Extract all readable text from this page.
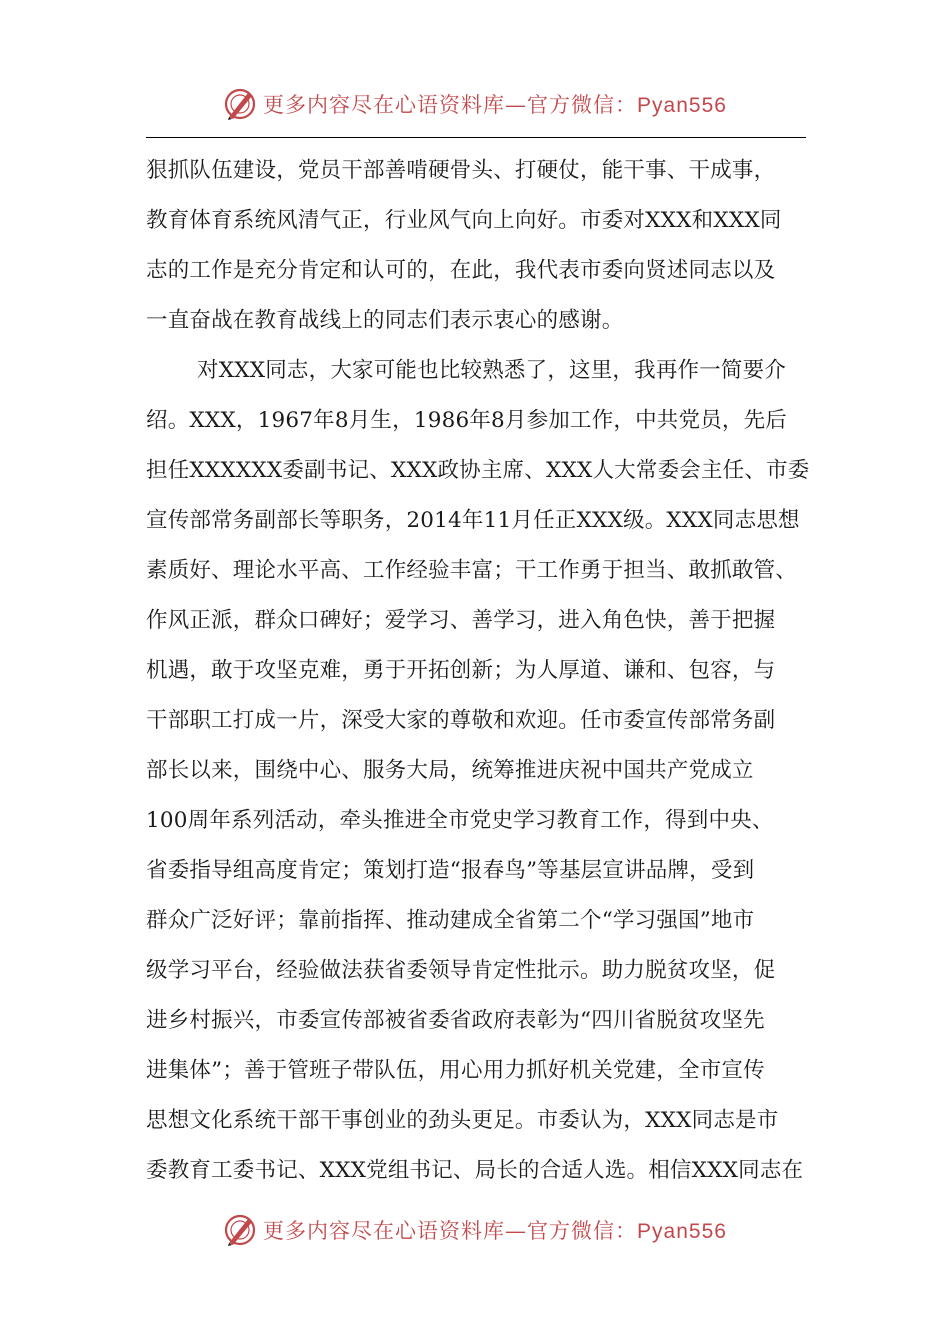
更多内容尽在心语资料库—官方微信：Pyan556
狠抓队伍建设，党员干部善啃硬骨头、打硬仗，能干事、干成事，
教育体育系统风清气正，行业风气向上向好。市委对XXX和XXX同
志的工作是充分肯定和认可的，在此，我代表市委向贤述同志以及
一直奋战在教育战线上的同志们表示衷心的感谢。
对XXX同志，大家可能也比较熟悉了，这里，我再作一简要介
绍。XXX，1967年8月生，1986年8月参加工作，中共党员，先后
担任XXXXXX委副书记、XXX政协主席、XXX人大常委会主任、市委
宣传部常务副部长等职务，2014年11月任正XXX级。XXX同志思想
素质好、理论水平高、工作经验丰富；干工作勇于担当、敢抓敢管、
作风正派，群众口碑好；爱学习、善学习，进入角色快，善于把握
机遇，敢于攻坚克难，勇于开拓创新；为人厚道、谦和、包容，与
干部职工打成一片，深受大家的尊敬和欢迎。任市委宣传部常务副
部长以来，围绕中心、服务大局，统筹推进庆祝中国共产党成立
100周年系列活动，牵头推进全市党史学习教育工作，得到中央、
省委指导组高度肯定；策划打造“报春鸟”等基层宣讲品牌，受到
群众广泛好评；靠前指挥、推动建成全省第二个“学习强国”地市
级学习平台，经验做法获省委领导肯定性批示。助力脱贫攻坚，促
进乡村振兴，市委宣传部被省委省政府表彰为“四川省脱贫攻坚先
进集体”；善于管班子带队伍，用心用力抓好机关党建，全市宣传
思想文化系统干部干事创业的劲头更足。市委认为，XXX同志是市
委教育工委书记、XXX党组书记、局长的合适人选。相信XXX同志在
更多内容尽在心语资料库—官方微信：Pyan556
